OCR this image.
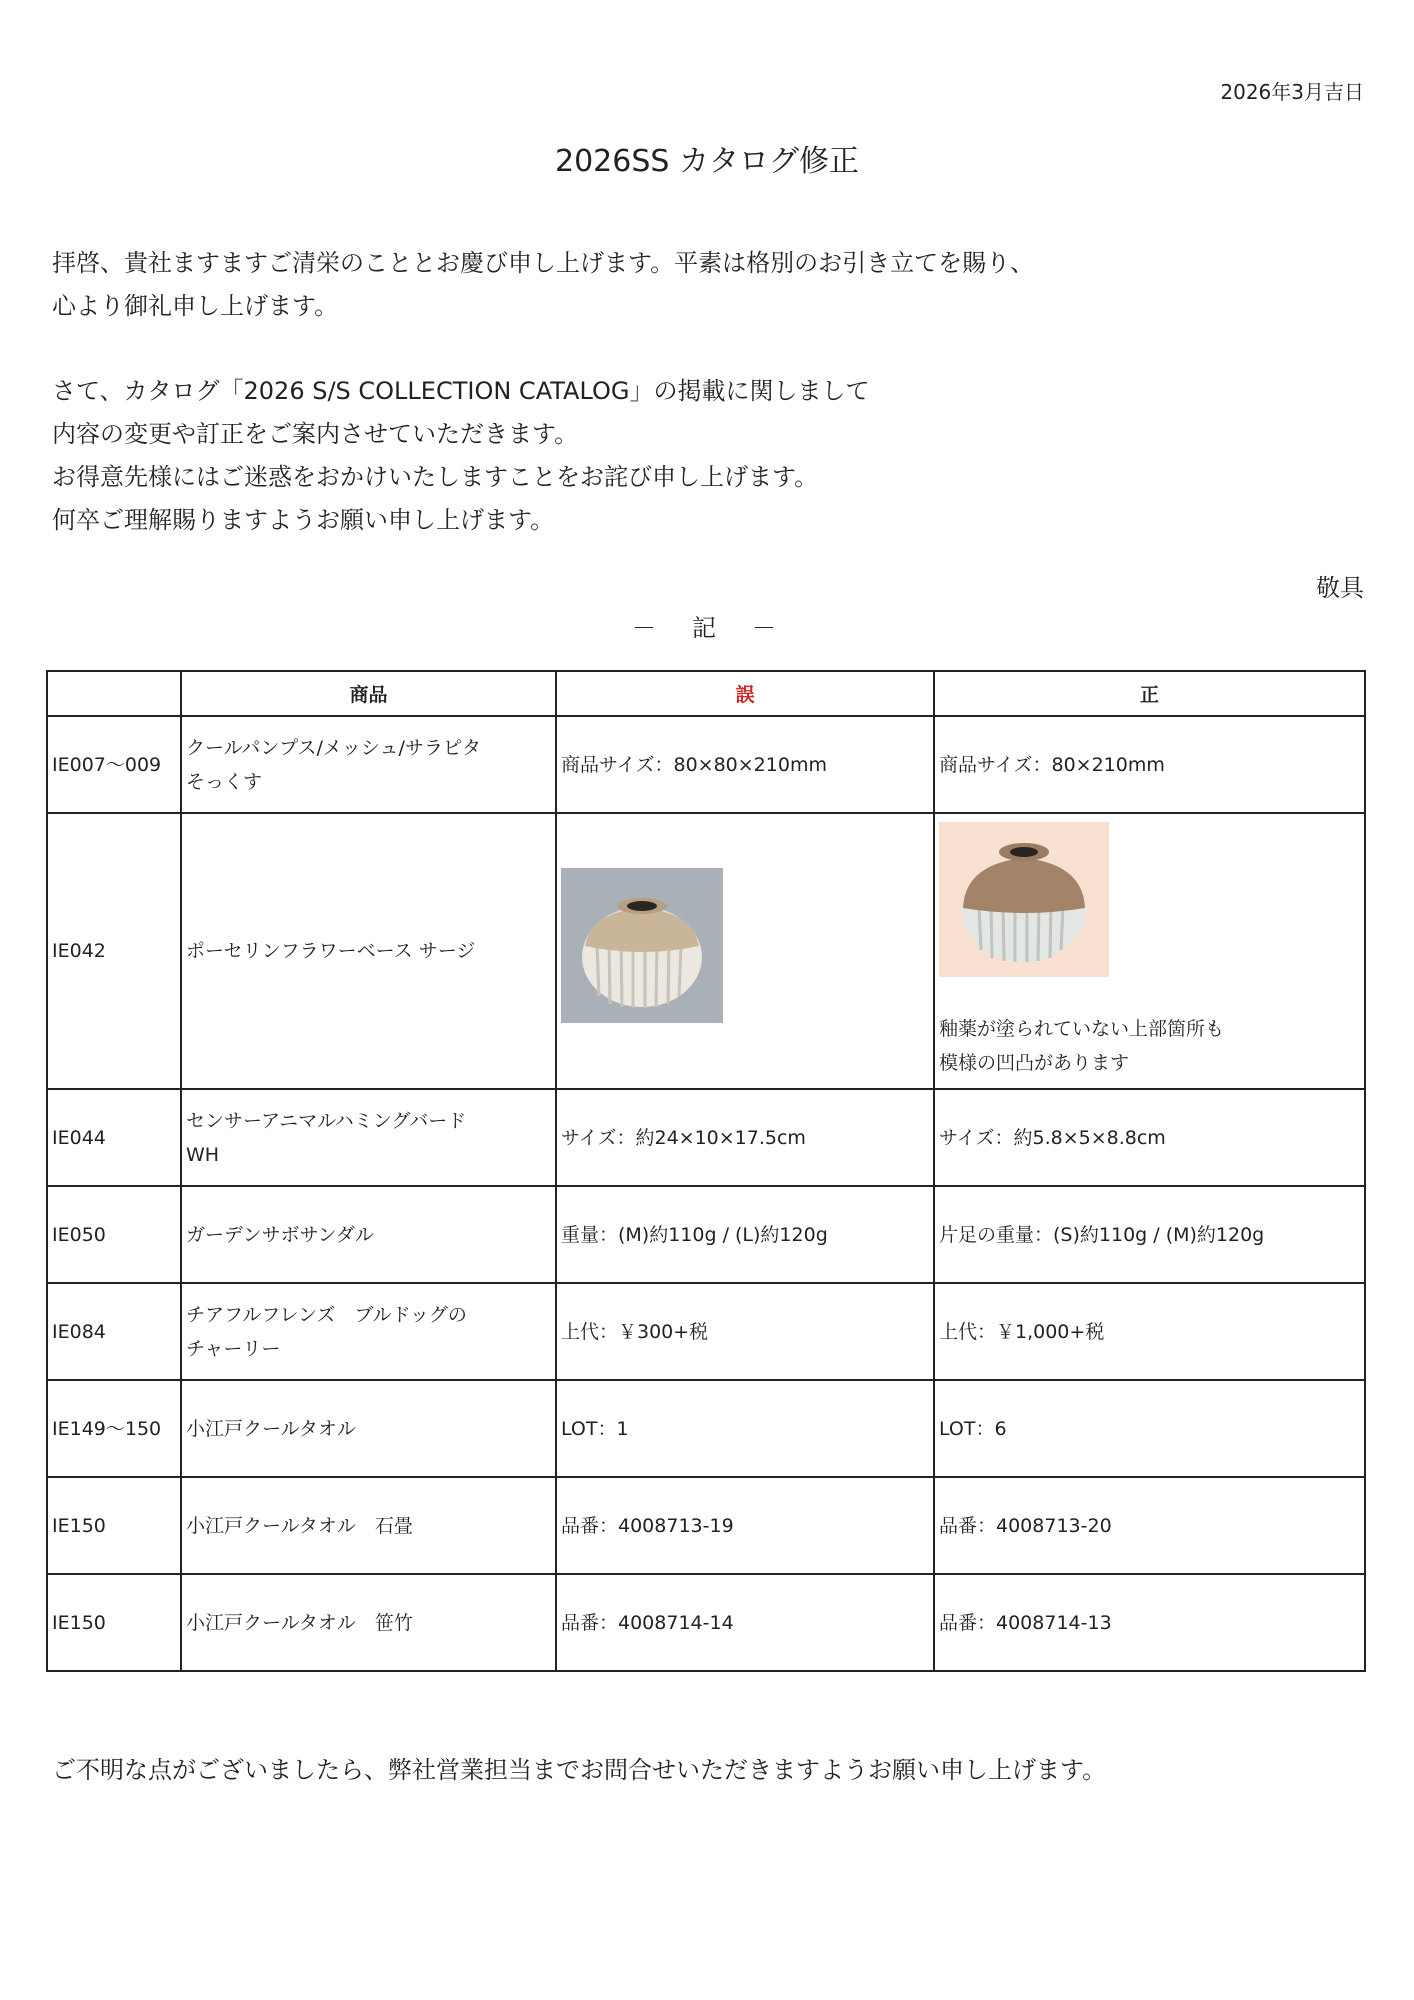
2026年3月吉日
2026SS カタログ修正
拝啓、貴社ますますご清栄のこととお慶び申し上げます。平素は格別のお引き立てを賜り、
心より御礼申し上げます。
さて、カタログ「2026 S/S COLLECTION CATALOG」の掲載に関しまして
内容の変更や訂正をご案内させていただきます。
お得意先様にはご迷惑をおかけいたしますことをお詫び申し上げます。
何卒ご理解賜りますようお願い申し上げます。
敬具
－　記　－
	商品	誤	正
IE007〜009	クールパンプス/メッシュ/サラピタ
そっくす	商品サイズ：80×80×210mm	商品サイズ：80×210mm
IE042	ポーセリンフラワーベース サージ		釉薬が塗られていない上部箇所も
模様の凹凸があります

IE044	センサーアニマルハミングバード
WH	サイズ：約24×10×17.5cm	サイズ：約5.8×5×8.8cm
IE050	ガーデンサボサンダル	重量：(M)約110g / (L)約120g	片足の重量：(S)約110g / (M)約120g
IE084	チアフルフレンズ　ブルドッグの
チャーリー	上代：￥300+税	上代：￥1,000+税
IE149〜150	小江戸クールタオル	LOT：1	LOT：6
IE150	小江戸クールタオル　石畳	品番：4008713-19	品番：4008713-20
IE150	小江戸クールタオル　笹竹	品番：4008714-14	品番：4008714-13
ご不明な点がございましたら、弊社営業担当までお問合せいただきますようお願い申し上げます。
